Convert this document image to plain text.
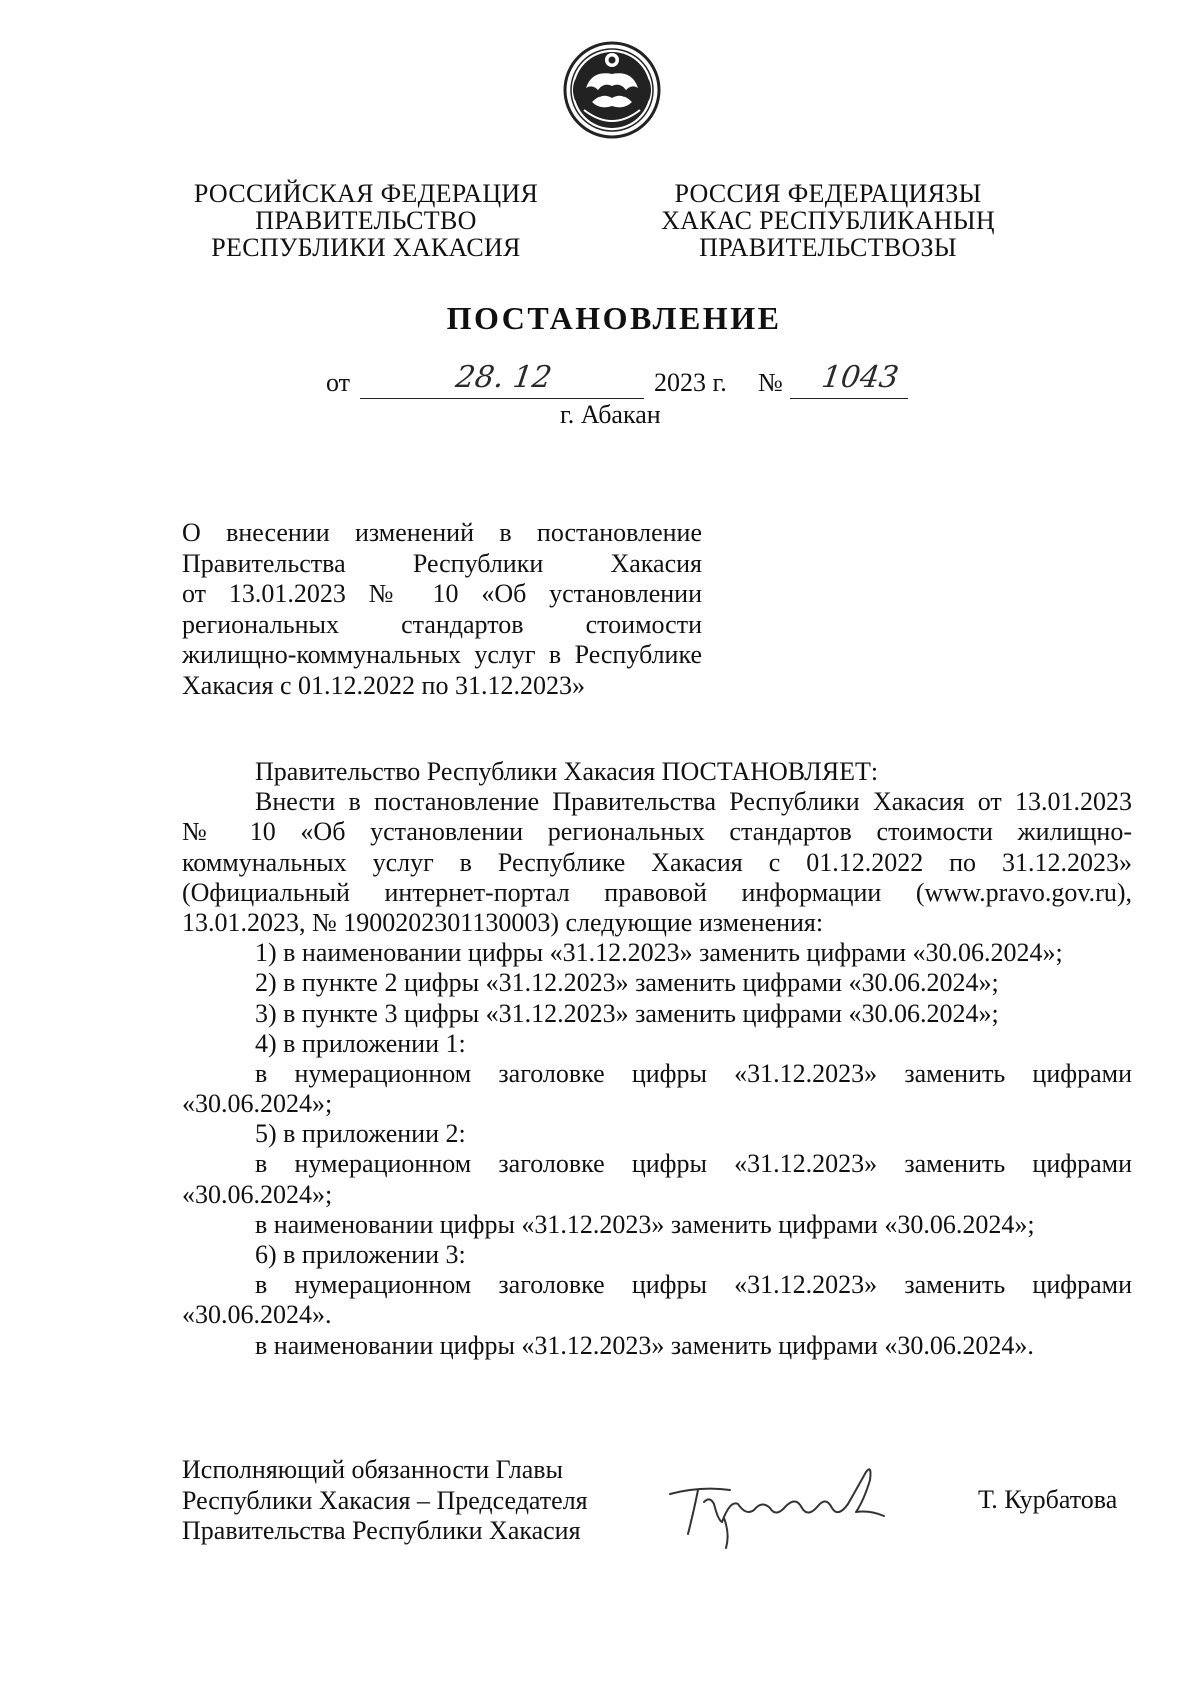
РОССИЙСКАЯ ФЕДЕРАЦИЯ
ПРАВИТЕЛЬСТВО
РЕСПУБЛИКИ ХАКАСИЯ
РОССИЯ ФЕДЕРАЦИЯЗЫ
ХАКАС РЕСПУБЛИКАНЫҢ
ПРАВИТЕЛЬСТВОЗЫ
ПОСТАНОВЛЕНИЕ
от	28. 12	2023 г. № 1043
г. Абакан
О внесении изменений в постановление
Правительства Республики Хакасия
от 13.01.2023 № 10 «Об установлении
региональных стандартов стоимости
жилищно-коммунальных услуг в Республике
Хакасия с 01.12.2022 по 31.12.2023»
Правительство Республики Хакасия ПОСТАНОВЛЯЕТ:
Внести в постановление Правительства Республики Хакасия от 13.01.2023
№ 10 «Об установлении региональных стандартов стоимости жилищно-
коммунальных услуг в Республике Хакасия с 01.12.2022 по 31.12.2023»
(Официальный интернет-портал правовой информации (www.pravo.gov.ru),
13.01.2023, № 1900202301130003) следующие изменения:
1) в наименовании цифры «31.12.2023» заменить цифрами «30.06.2024»;
2) в пункте 2 цифры «31.12.2023» заменить цифрами «30.06.2024»;
3) в пункте 3 цифры «31.12.2023» заменить цифрами «30.06.2024»;
4) в приложении 1:
в нумерационном заголовке цифры «31.12.2023» заменить цифрами
«30.06.2024»;
5) в приложении 2:
в нумерационном заголовке цифры «31.12.2023» заменить цифрами
«30.06.2024»;
в наименовании цифры «31.12.2023» заменить цифрами «30.06.2024»;
6) в приложении 3:
в нумерационном заголовке цифры «31.12.2023» заменить цифрами
«30.06.2024».
в наименовании цифры «31.12.2023» заменить цифрами «30.06.2024».
Исполняющий обязанности Главы
Республики Хакасия – Председателя
Правительства Республики Хакасия
Т. Курбатова
